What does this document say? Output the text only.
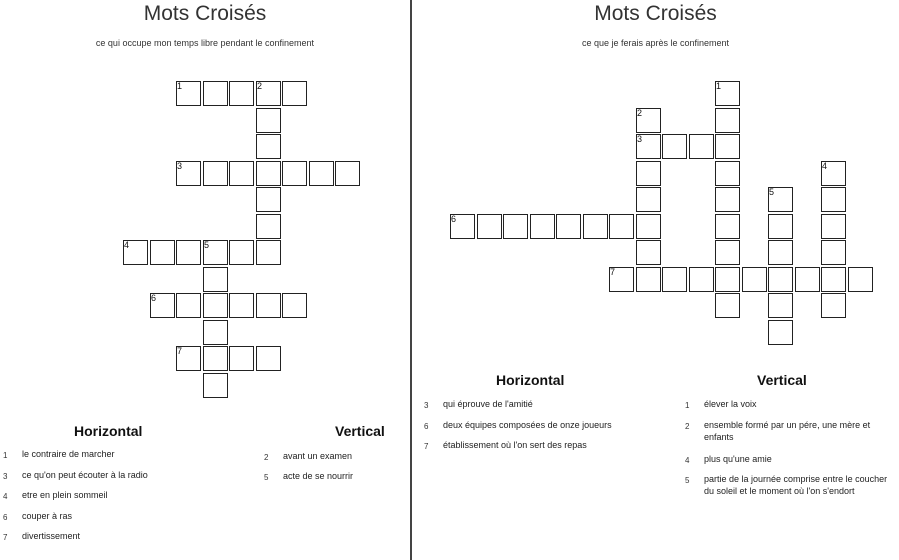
Mots Croisés
ce qui occupe mon temps libre pendant le confinement
1	2
3
4	5
6
7
Horizontal	Vertical
1 le contraire de marcher
3 ce qu'on peut écouter à la radio
4 etre en plein sommeil
6 couper à ras
7 divertissement
2 avant un examen
5 acte de se nourrir
Mots Croisés
ce que je ferais après le confinement
1
2
3
4
5
6
7
Horizontal	Vertical
3 qui éprouve de l'amitié
6 deux équipes composées de onze joueurs
7 établissement où l'on sert des repas
1 élever la voix
2 ensemble formé par un pére, une mère et enfants
4 plus qu'une amie
5 partie de la journée comprise entre le coucher du soleil et le moment où l'on s'endort
